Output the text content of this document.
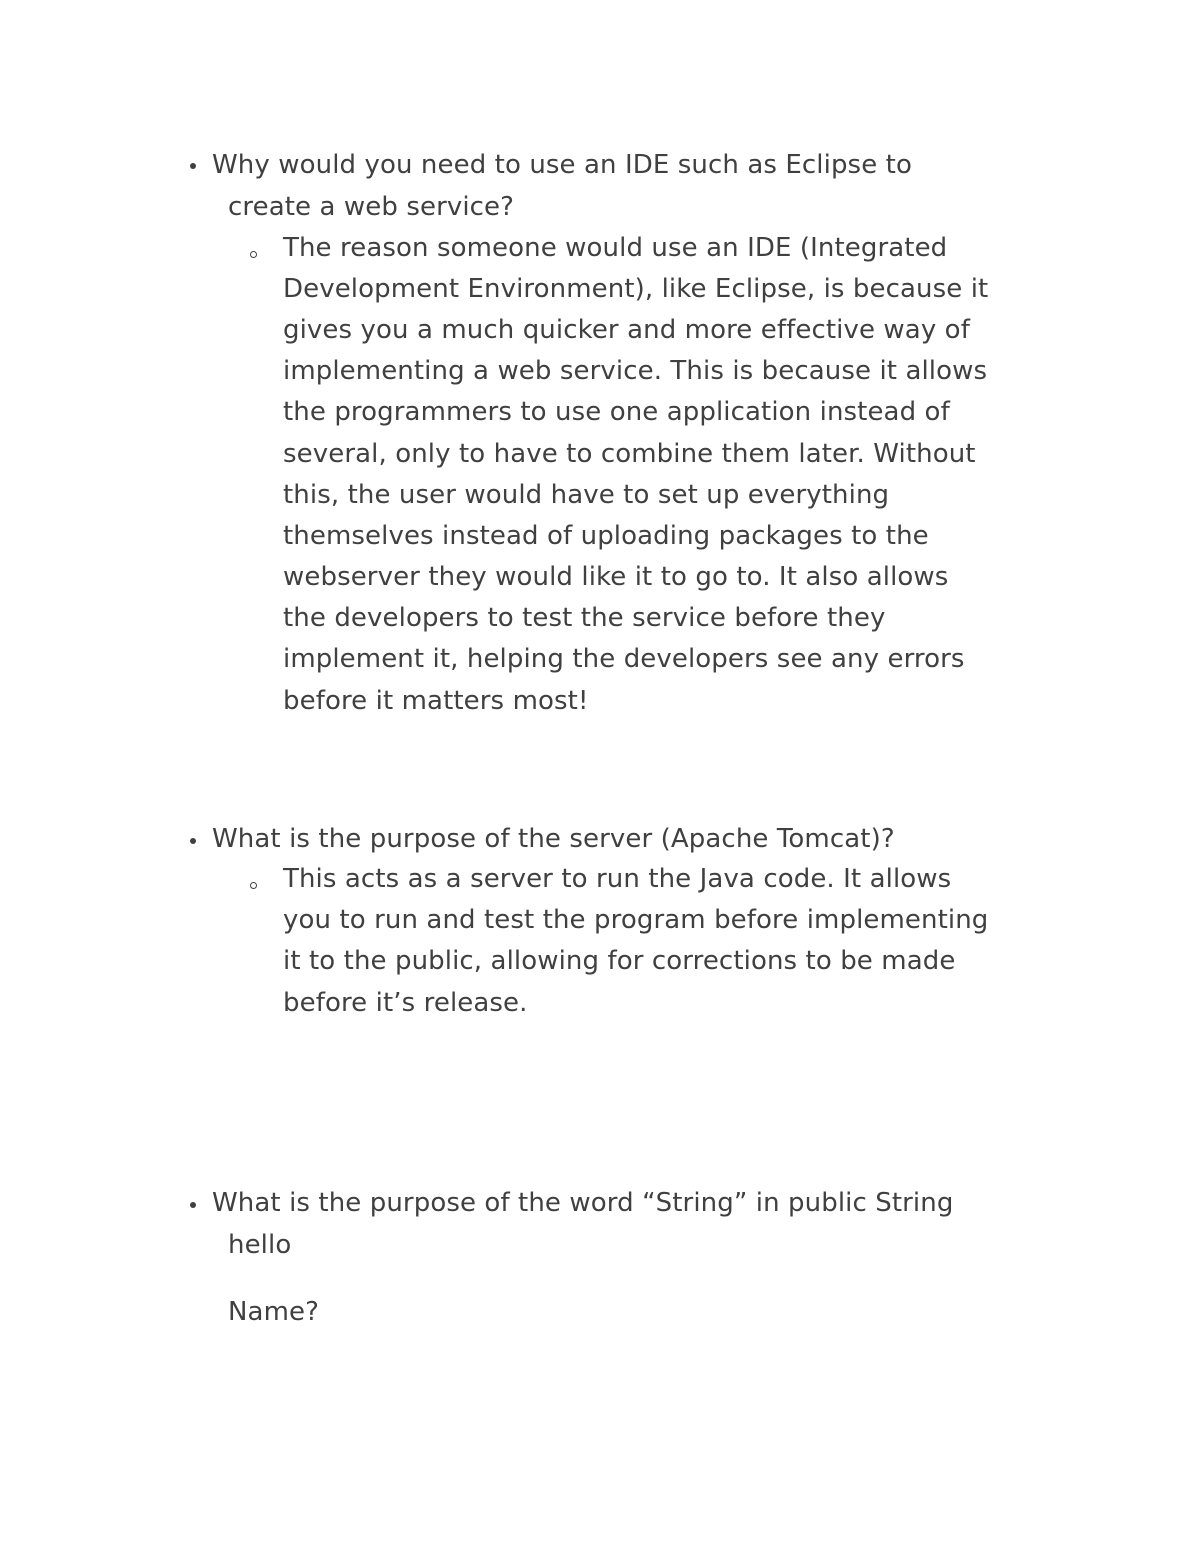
Why would you need to use an IDE such as Eclipse to
create a web service?
The reason someone would use an IDE (Integrated
Development Environment), like Eclipse, is because it
gives you a much quicker and more effective way of
implementing a web service. This is because it allows
the programmers to use one application instead of
several, only to have to combine them later. Without
this, the user would have to set up everything
themselves instead of uploading packages to the
webserver they would like it to go to. It also allows
the developers to test the service before they
implement it, helping the developers see any errors
before it matters most!
What is the purpose of the server (Apache Tomcat)?
This acts as a server to run the Java code. It allows
you to run and test the program before implementing
it to the public, allowing for corrections to be made
before it’s release.
What is the purpose of the word “String” in public String
hello
Name?
